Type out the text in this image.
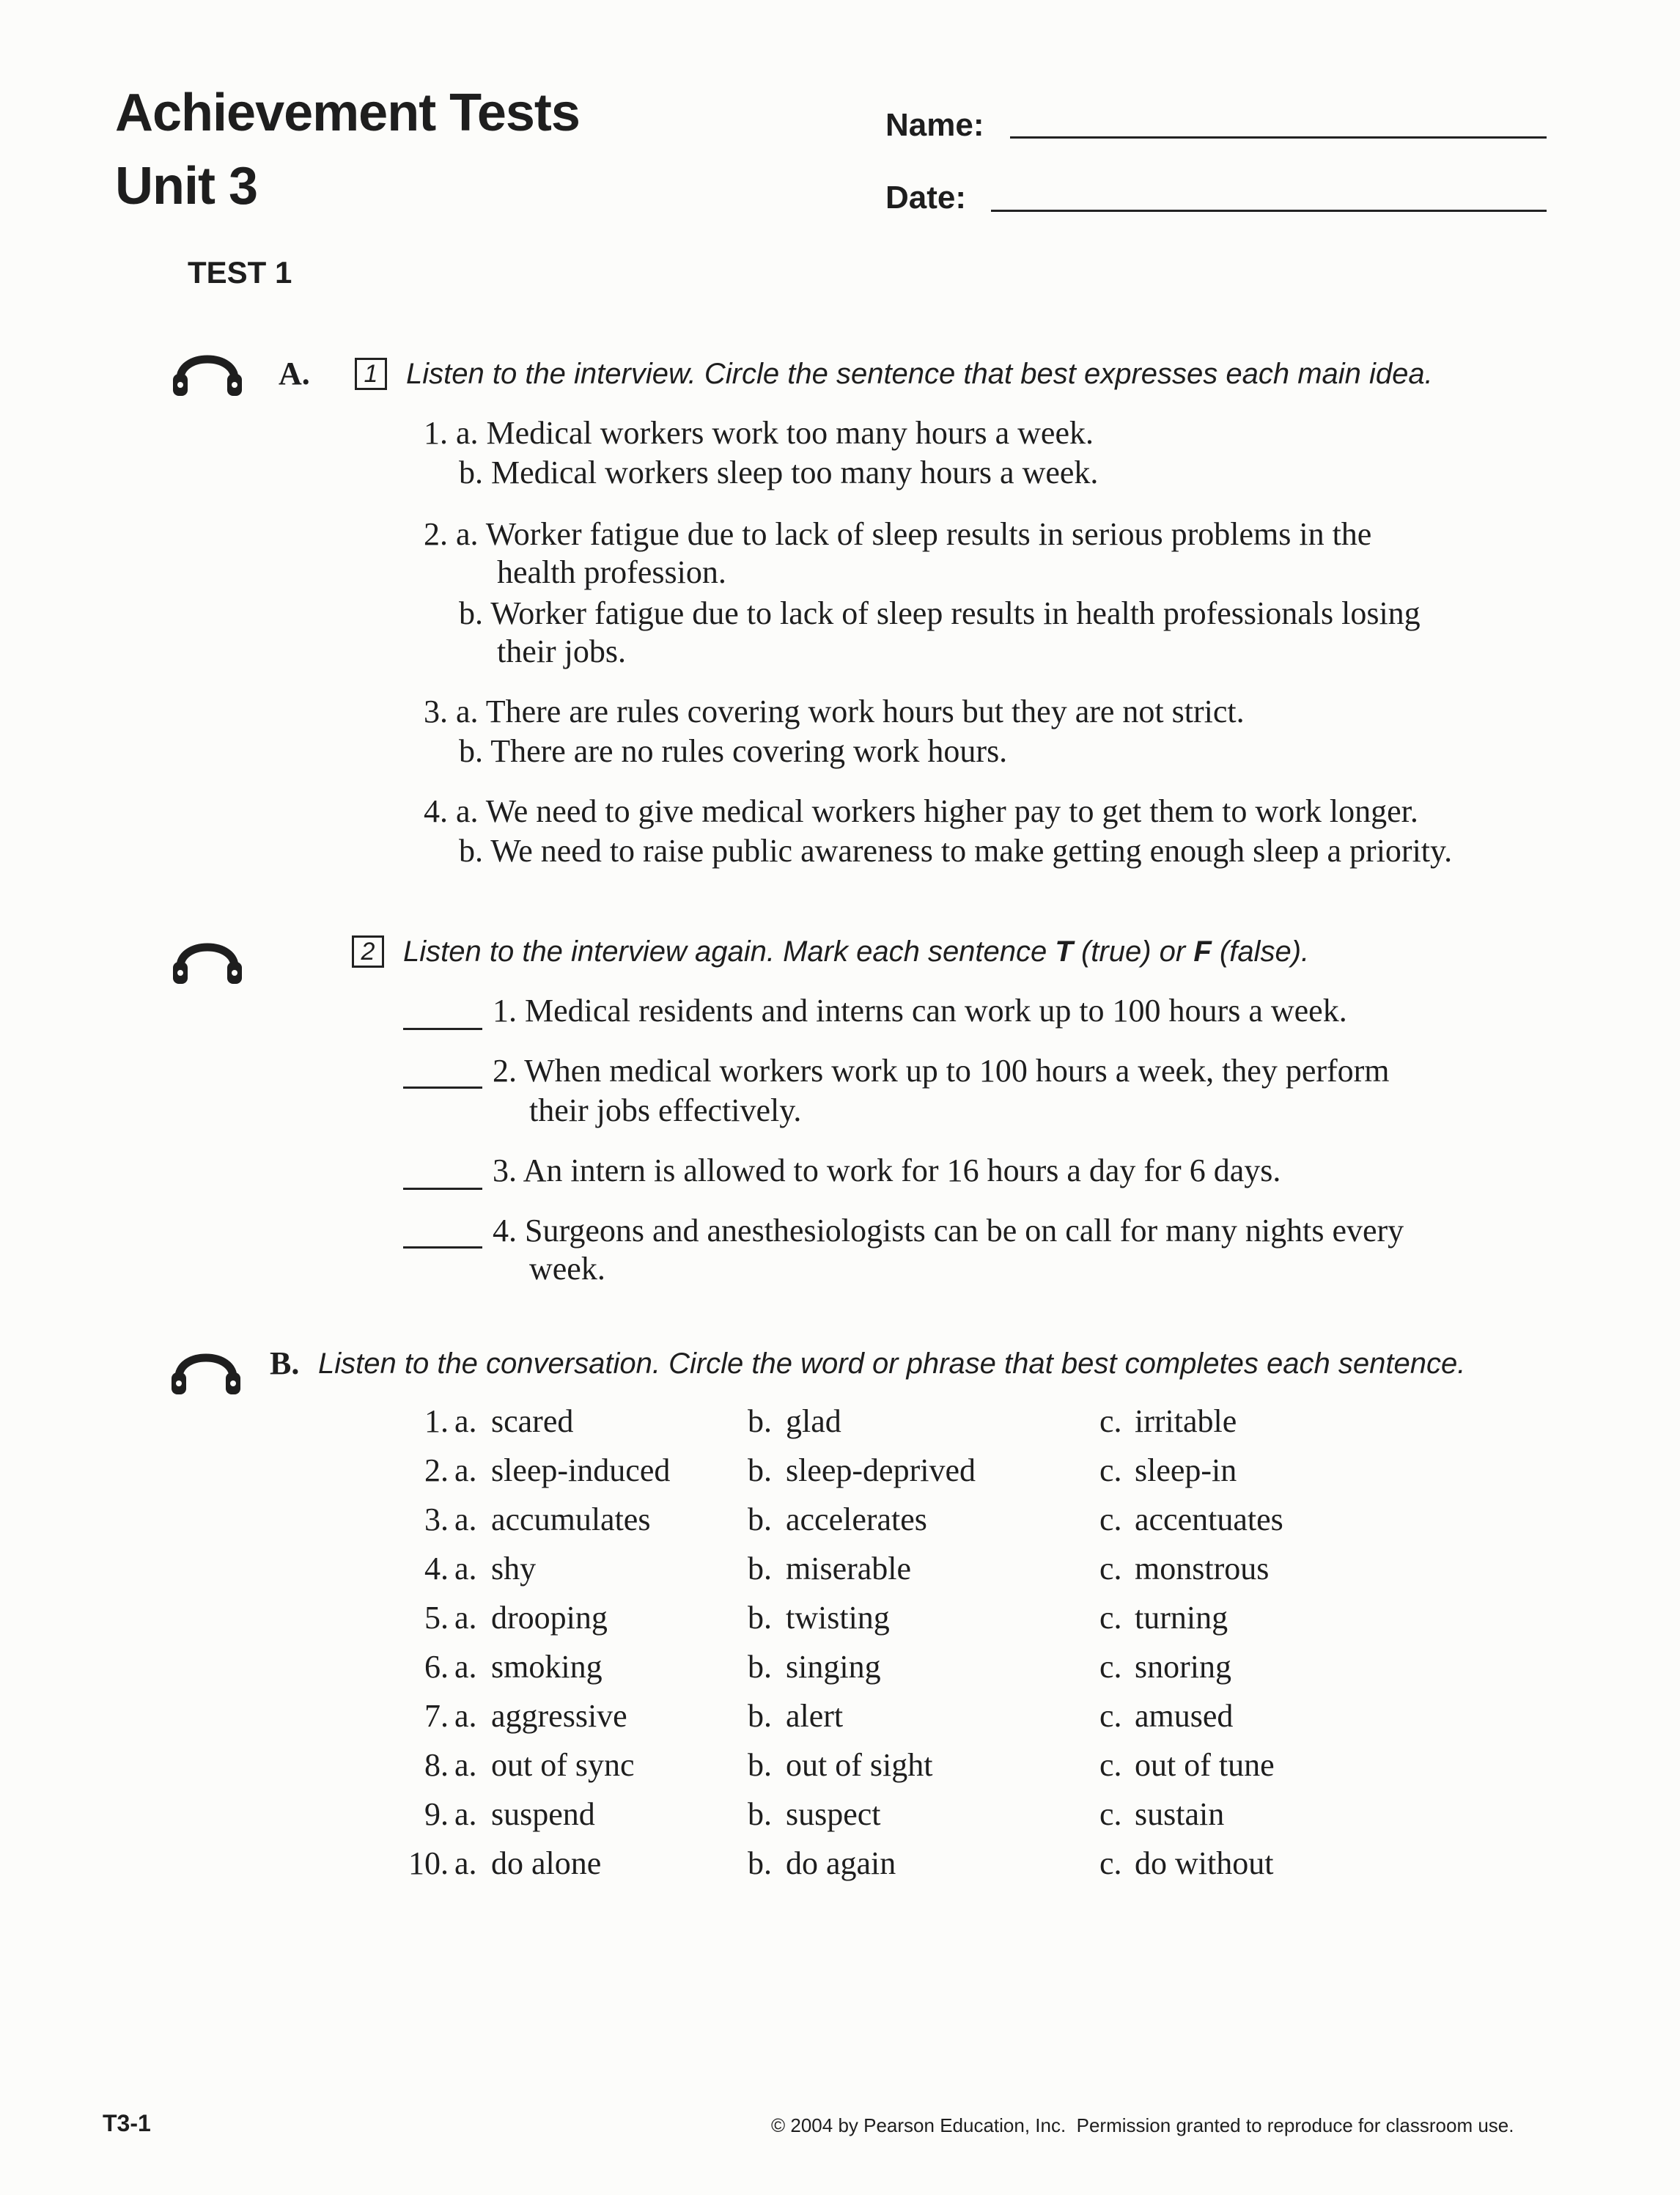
Achievement Tests
Unit 3
Name:
Date:
TEST 1
A.	1 Listen to the interview. Circle the sentence that best expresses each main idea.
1. a. Medical workers work too many hours a week.
b. Medical workers sleep too many hours a week.
2. a. Worker fatigue due to lack of sleep results in serious problems in the
health profession.
b. Worker fatigue due to lack of sleep results in health professionals losing
their jobs.
3. a. There are rules covering work hours but they are not strict.
b. There are no rules covering work hours.
4. a. We need to give medical workers higher pay to get them to work longer.
b. We need to raise public awareness to make getting enough sleep a priority.
2 Listen to the interview again. Mark each sentence T (true) or F (false).
1. Medical residents and interns can work up to 100 hours a week.
2. When medical workers work up to 100 hours a week, they perform
their jobs effectively.
3. An intern is allowed to work for 16 hours a day for 6 days.
4. Surgeons and anesthesiologists can be on call for many nights every
week.
B. Listen to the conversation. Circle the word or phrase that best completes each sentence.
1. a. scared	b. glad	c. irritable
2. a. sleep-induced b. sleep-deprived	c. sleep-in
3. a. accumulates	b. accelerates	c. accentuates
4. a. shy	b. miserable	c. monstrous
5. a. drooping	b. twisting	c. turning
6. a. smoking	b. singing	c. snoring
7. a. aggressive	b. alert	c. amused
8. a. out of sync	b. out of sight	c. out of tune
9. a. suspend	b. suspect	c. sustain
10. a. do alone	b. do again	c. do without
T3-1	© 2004 by Pearson Education, Inc.  Permission granted to reproduce for classroom use.
